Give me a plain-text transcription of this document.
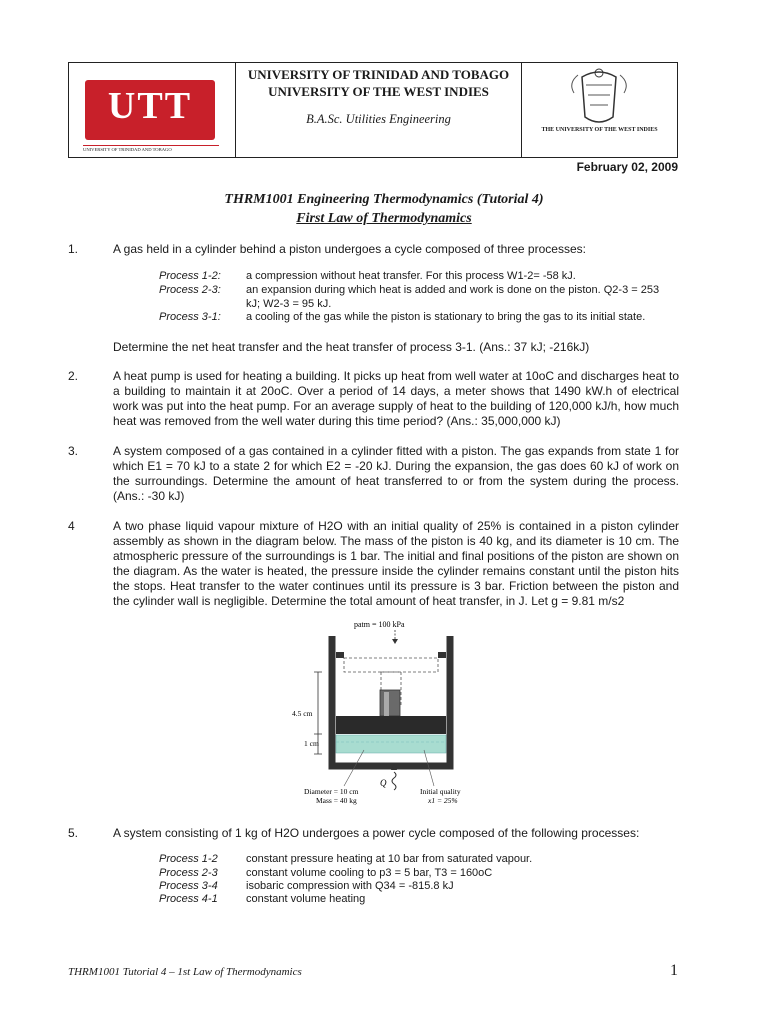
UTT
UNIVERSITY OF TRINIDAD AND TOBAGO
UNIVERSITY OF TRINIDAD AND TOBAGO
UNIVERSITY OF THE WEST INDIES
B.A.Sc. Utilities Engineering
THE UNIVERSITY OF THE WEST INDIES
February 02, 2009
THRM1001 Engineering Thermodynamics (Tutorial 4)
First Law of Thermodynamics
1.	A gas held in a cylinder behind a piston undergoes a cycle composed of three processes:
Process 1-2: a compression without heat transfer. For this process W1-2= -58 kJ.
Process 2-3: an expansion during which heat is added and work is done on the piston. Q2-3 = 253 kJ; W2-3 = 95 kJ.
Process 3-1: a cooling of the gas while the piston is stationary to bring the gas to its initial state.
Determine the net heat transfer and the heat transfer of process 3-1. (Ans.: 37 kJ; -216kJ)
2.	A heat pump is used for heating a building. It picks up heat from well water at 10oC and discharges heat to a building to maintain it at 20oC. Over a period of 14 days, a meter shows that 1490 kW.h of electrical work was put into the heat pump. For an average supply of heat to the building of 120,000 kJ/h, how much heat was removed from the well water during this time period? (Ans.: 35,000,000 kJ)
3.	A system composed of a gas contained in a cylinder fitted with a piston. The gas expands from state 1 for which E1 = 70 kJ to a state 2 for which E2 = -20 kJ. During the expansion, the gas does 60 kJ of work on the surroundings. Determine the amount of heat transferred to or from the system during the process. (Ans.: -30 kJ)
4	A two phase liquid vapour mixture of H2O with an initial quality of 25% is contained in a piston cylinder assembly as shown in the diagram below. The mass of the piston is 40 kg, and its diameter is 10 cm. The atmospheric pressure of the surroundings is 1 bar. The initial and final positions of the piston are shown on the diagram. As the water is heated, the pressure inside the cylinder remains constant until the piston hits the stops. Heat transfer to the water continues until its pressure is 3 bar. Friction between the piston and the cylinder wall is negligible. Determine the total amount of heat transfer, in J. Let g = 9.81 m/s2
patm = 100 kPa
4.5 cm
1 cm
Q
Diameter = 10 cm
Mass = 40 kg
Initial quality
x1 = 25%
5.	A system consisting of 1 kg of H2O undergoes a power cycle composed of the following processes:
Process 1-2	constant pressure heating at 10 bar from saturated vapour.
Process 2-3	constant volume cooling to p3 = 5 bar, T3 = 160oC
Process 3-4	isobaric compression with Q34 = -815.8 kJ
Process 4-1	constant volume heating
THRM1001 Tutorial 4 – 1st Law of Thermodynamics	1
